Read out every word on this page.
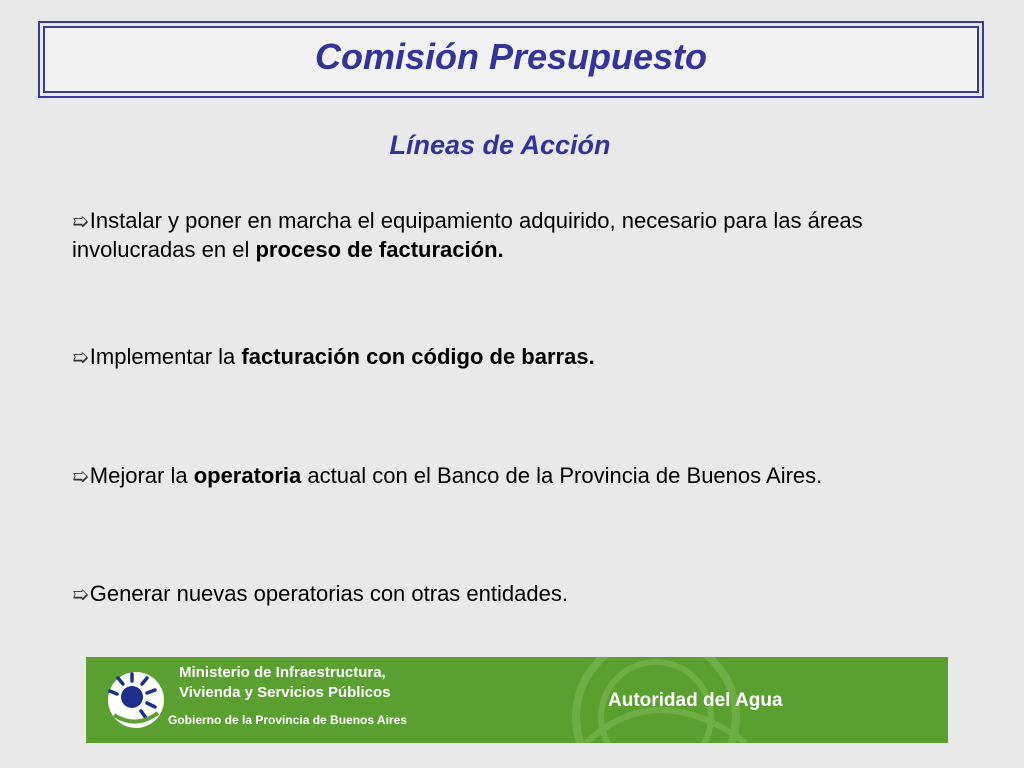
Comisión Presupuesto
Líneas de Acción
➯Instalar y poner en marcha el equipamiento adquirido, necesario para las áreas involucradas en el proceso de facturación.
➯Implementar la facturación con código de barras.
➯Mejorar la operatoria actual con el Banco de la Provincia de Buenos Aires.
➯Generar nuevas operatorias con otras entidades.
Ministerio de Infraestructura,
Vivienda y Servicios Públicos
Gobierno de la Provincia de Buenos Aires
Autoridad del Agua
